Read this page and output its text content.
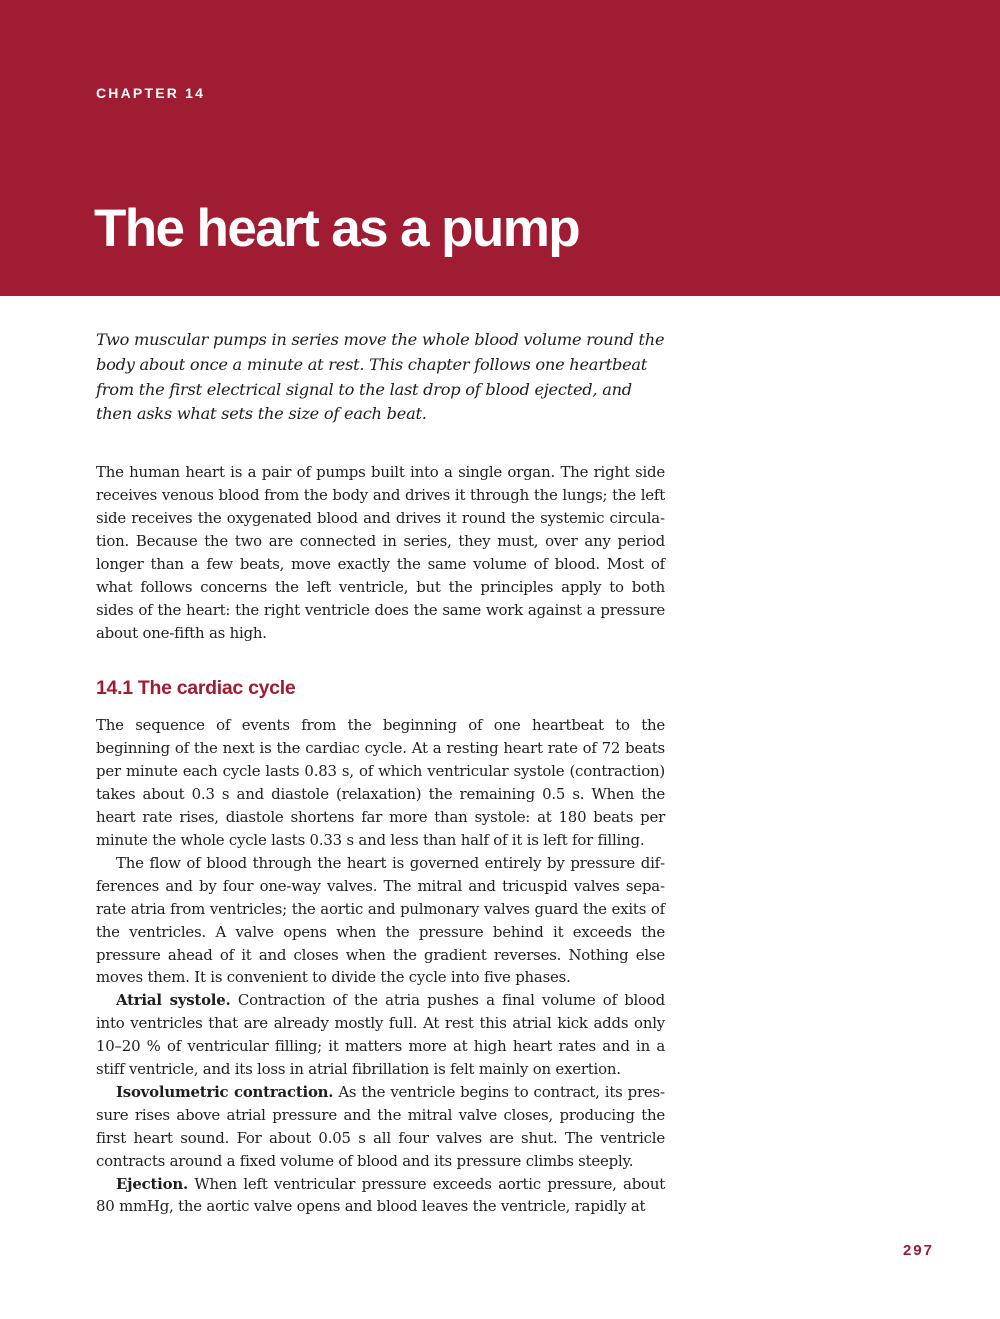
CHAPTER 14

The heart as a pump

Two muscular pumps in series move the whole blood volume round the body about once a minute at rest. This chapter follows one heartbeat from the first electrical signal to the last drop of blood ejected, and then asks what sets the size of each beat.

The human heart is a pair of pumps built into a single organ. The right side receives venous blood from the body and drives it through the lungs; the left side receives the oxygenated blood and drives it round the systemic circulation. Because the two are connected in series, they must, over any period longer than a few beats, move exactly the same volume of blood. Most of what follows concerns the left ventricle, but the principles apply to both sides of the heart: the right ventricle does the same work against a pressure about one-fifth as high.

14.1 The cardiac cycle

The sequence of events from the beginning of one heartbeat to the beginning of the next is the cardiac cycle. At a resting heart rate of 72 beats per minute each cycle lasts 0.83 s, of which ventricular systole (contraction) takes about 0.3 s and diastole (relaxation) the remaining 0.5 s. When the heart rate rises, diastole shortens far more than systole: at 180 beats per minute the whole cycle lasts 0.33 s and less than half of it is left for filling.

The flow of blood through the heart is governed entirely by pressure differences and by four one-way valves. The mitral and tricuspid valves separate atria from ventricles; the aortic and pulmonary valves guard the exits of the ventricles. A valve opens when the pressure behind it exceeds the pressure ahead of it and closes when the gradient reverses. Nothing else moves them. It is convenient to divide the cycle into five phases.

Atrial systole. Contraction of the atria pushes a final volume of blood into ventricles that are already mostly full. At rest this atrial kick adds only 10–20 % of ventricular filling; it matters more at high heart rates and in a stiff ventricle, and its loss in atrial fibrillation is felt mainly on exertion.

Isovolumetric contraction. As the ventricle begins to contract, its pressure rises above atrial pressure and the mitral valve closes, producing the first heart sound. For about 0.05 s all four valves are shut. The ventricle contracts around a fixed volume of blood and its pressure climbs steeply.

Ejection. When left ventricular pressure exceeds aortic pressure, about 80 mmHg, the aortic valve opens and blood leaves the ventricle, rapidly at

297
